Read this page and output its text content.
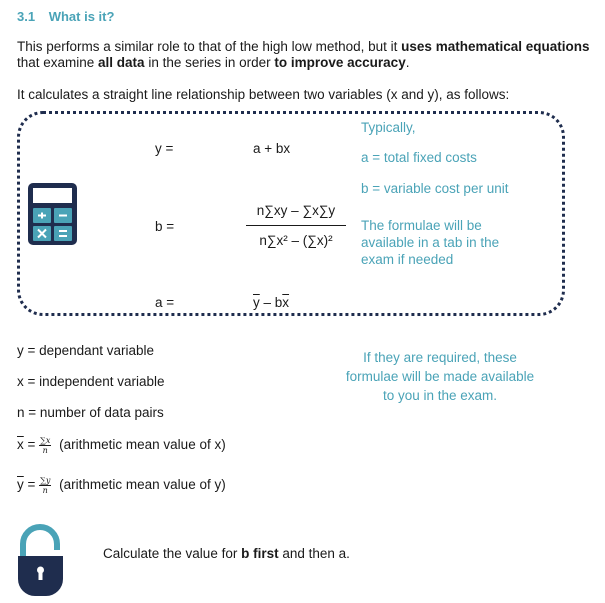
3.1 What is it?
This performs a similar role to that of the high low method, but it uses mathematical equations that examine all data in the series in order to improve accuracy.
It calculates a straight line relationship between two variables (x and y), as follows:
y =	a + bx
b =
n∑xy – ∑x∑y
n∑x² – (∑x)²
a =	$\overline{y} - b\overline{x}$
Typically,
a = total fixed costs
b = variable cost per unit
The formulae will be available in a tab in the exam if needed
y = dependant variable
x = independent variable
n = number of data pairs
$\overline{x} = \frac{\sum x}{n}$ (arithmetic mean value of x)
$\overline{y} = \frac{\sum y}{n}$ (arithmetic mean value of y)
If they are required, these formulae will be made available to you in the exam.
Calculate the value for b first and then a.
